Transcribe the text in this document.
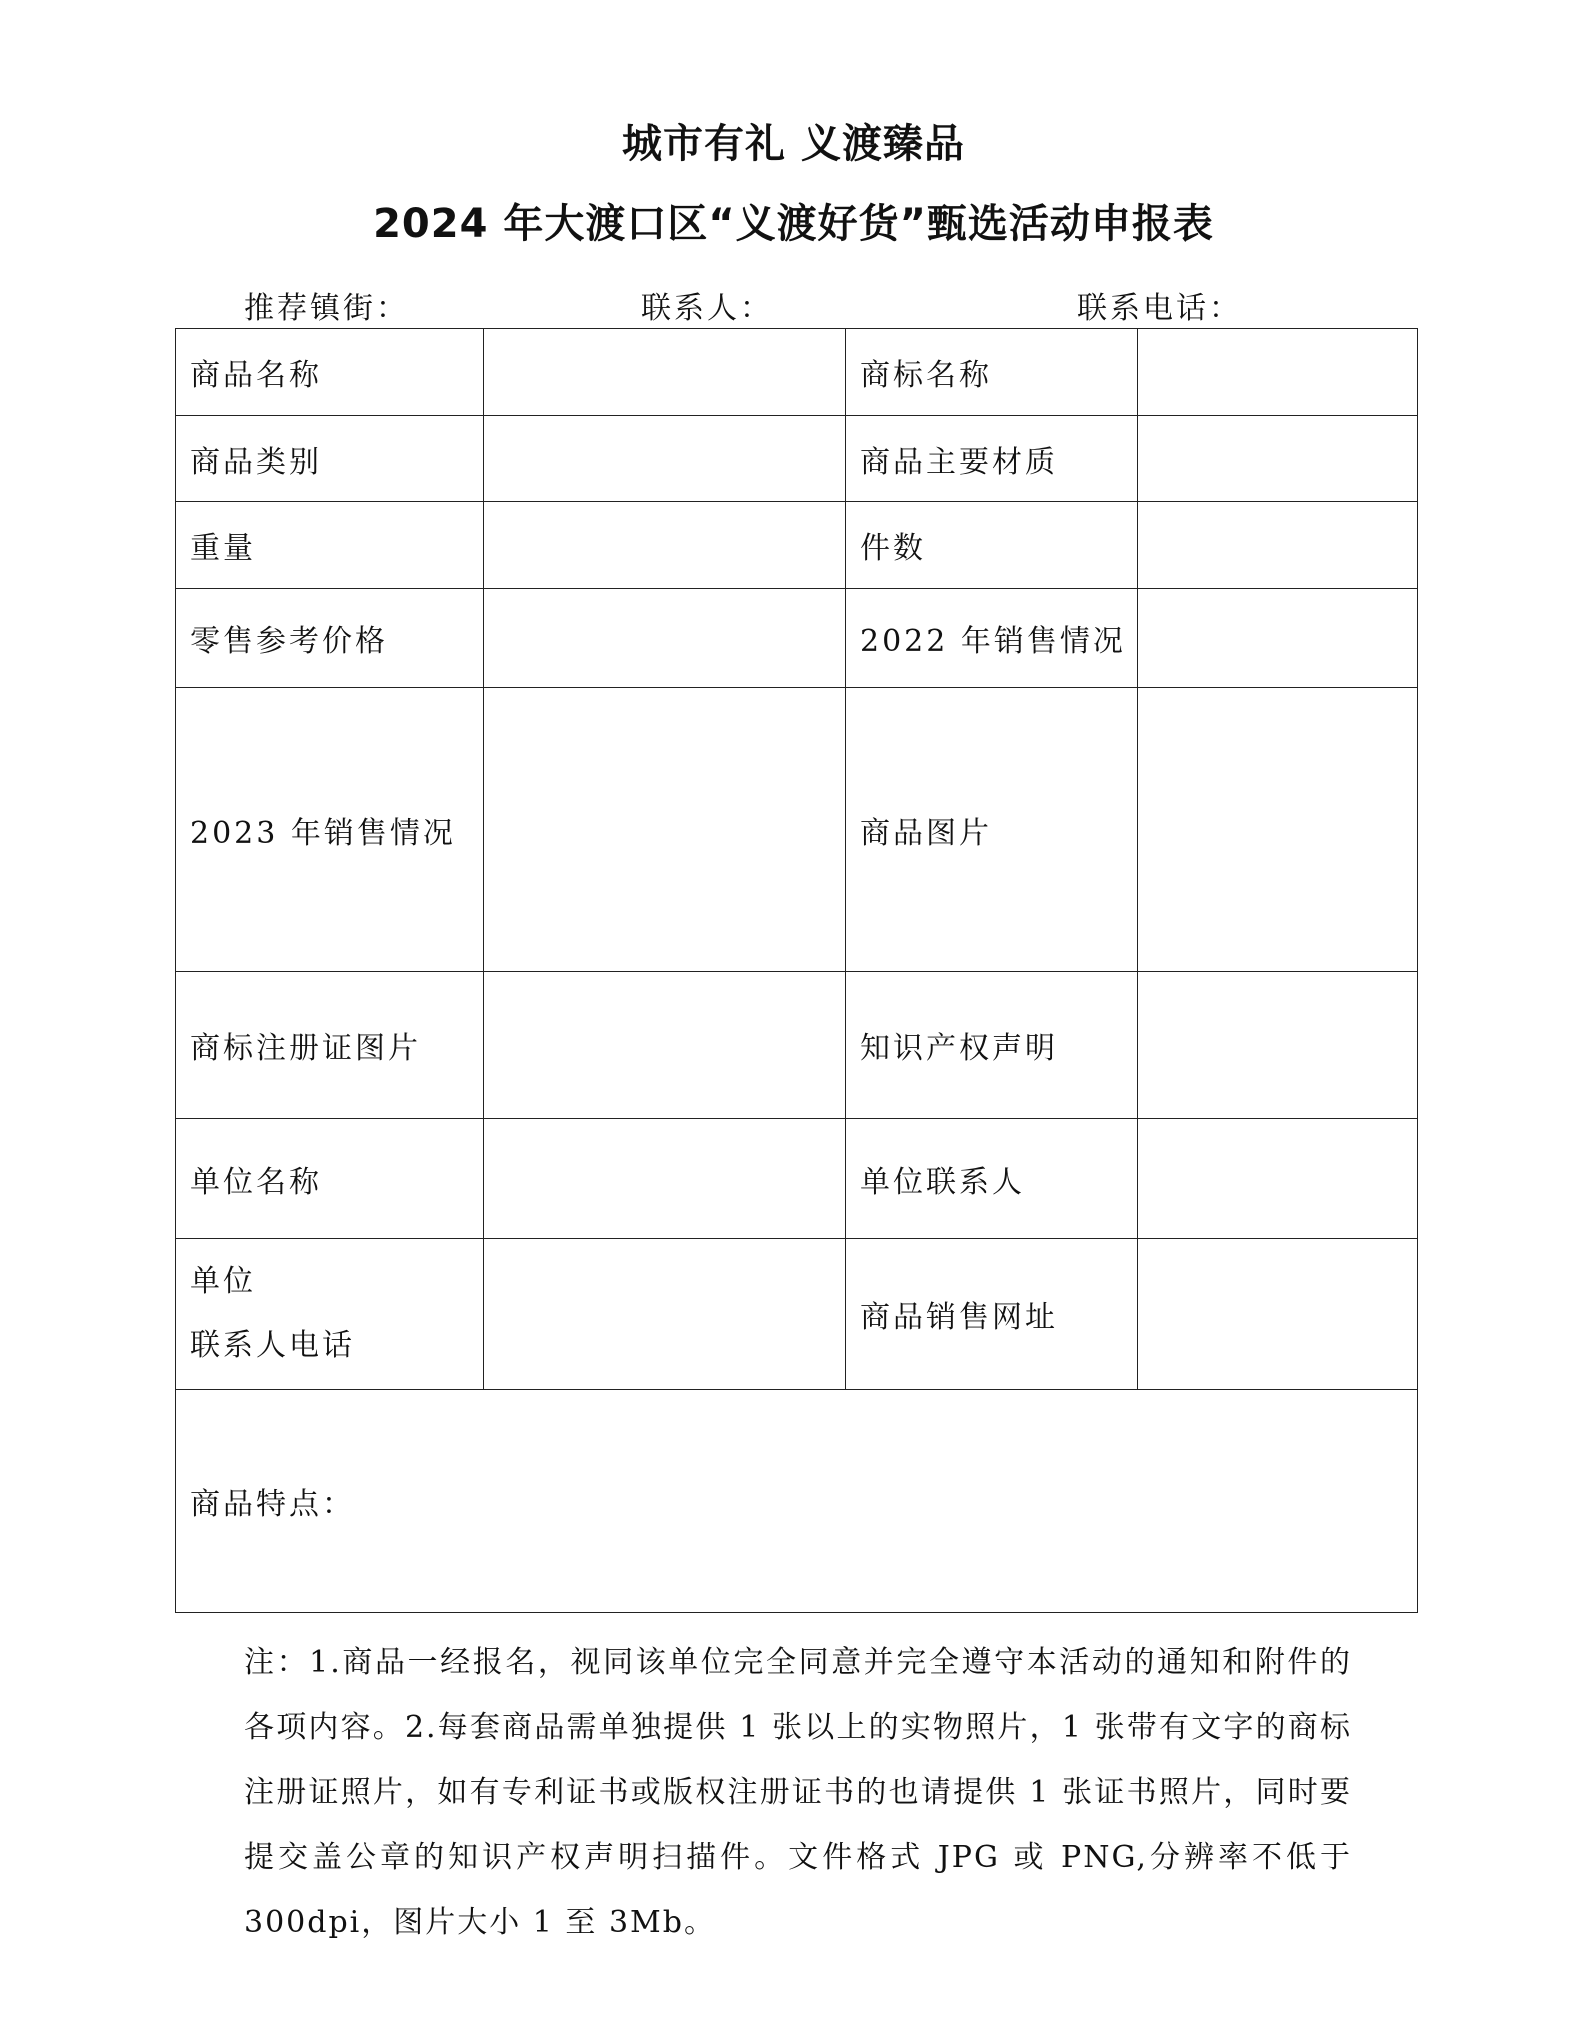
城市有礼 义渡臻品
2024 年大渡口区“义渡好货”甄选活动申报表
推荐镇街：	联系人：	联系电话：
商品名称		商标名称	
商品类别		商品主要材质	
重量		件数	
零售参考价格		2022 年销售情况	
2023 年销售情况		商品图片	
商标注册证图片		知识产权声明	
单位名称		单位联系人	

单位
联系人电话		商品销售网址	
商品特点：			
注：1.商品一经报名，视同该单位完全同意并完全遵守本活动的通知和附件的各项内容。2.每套商品需单独提供 1 张以上的实物照片，1 张带有文字的商标注册证照片，如有专利证书或版权注册证书的也请提供 1 张证书照片，同时要提交盖公章的知识产权声明扫描件。文件格式 JPG 或 PNG,分辨率不低于 300dpi，图片大小 1 至 3Mb。
